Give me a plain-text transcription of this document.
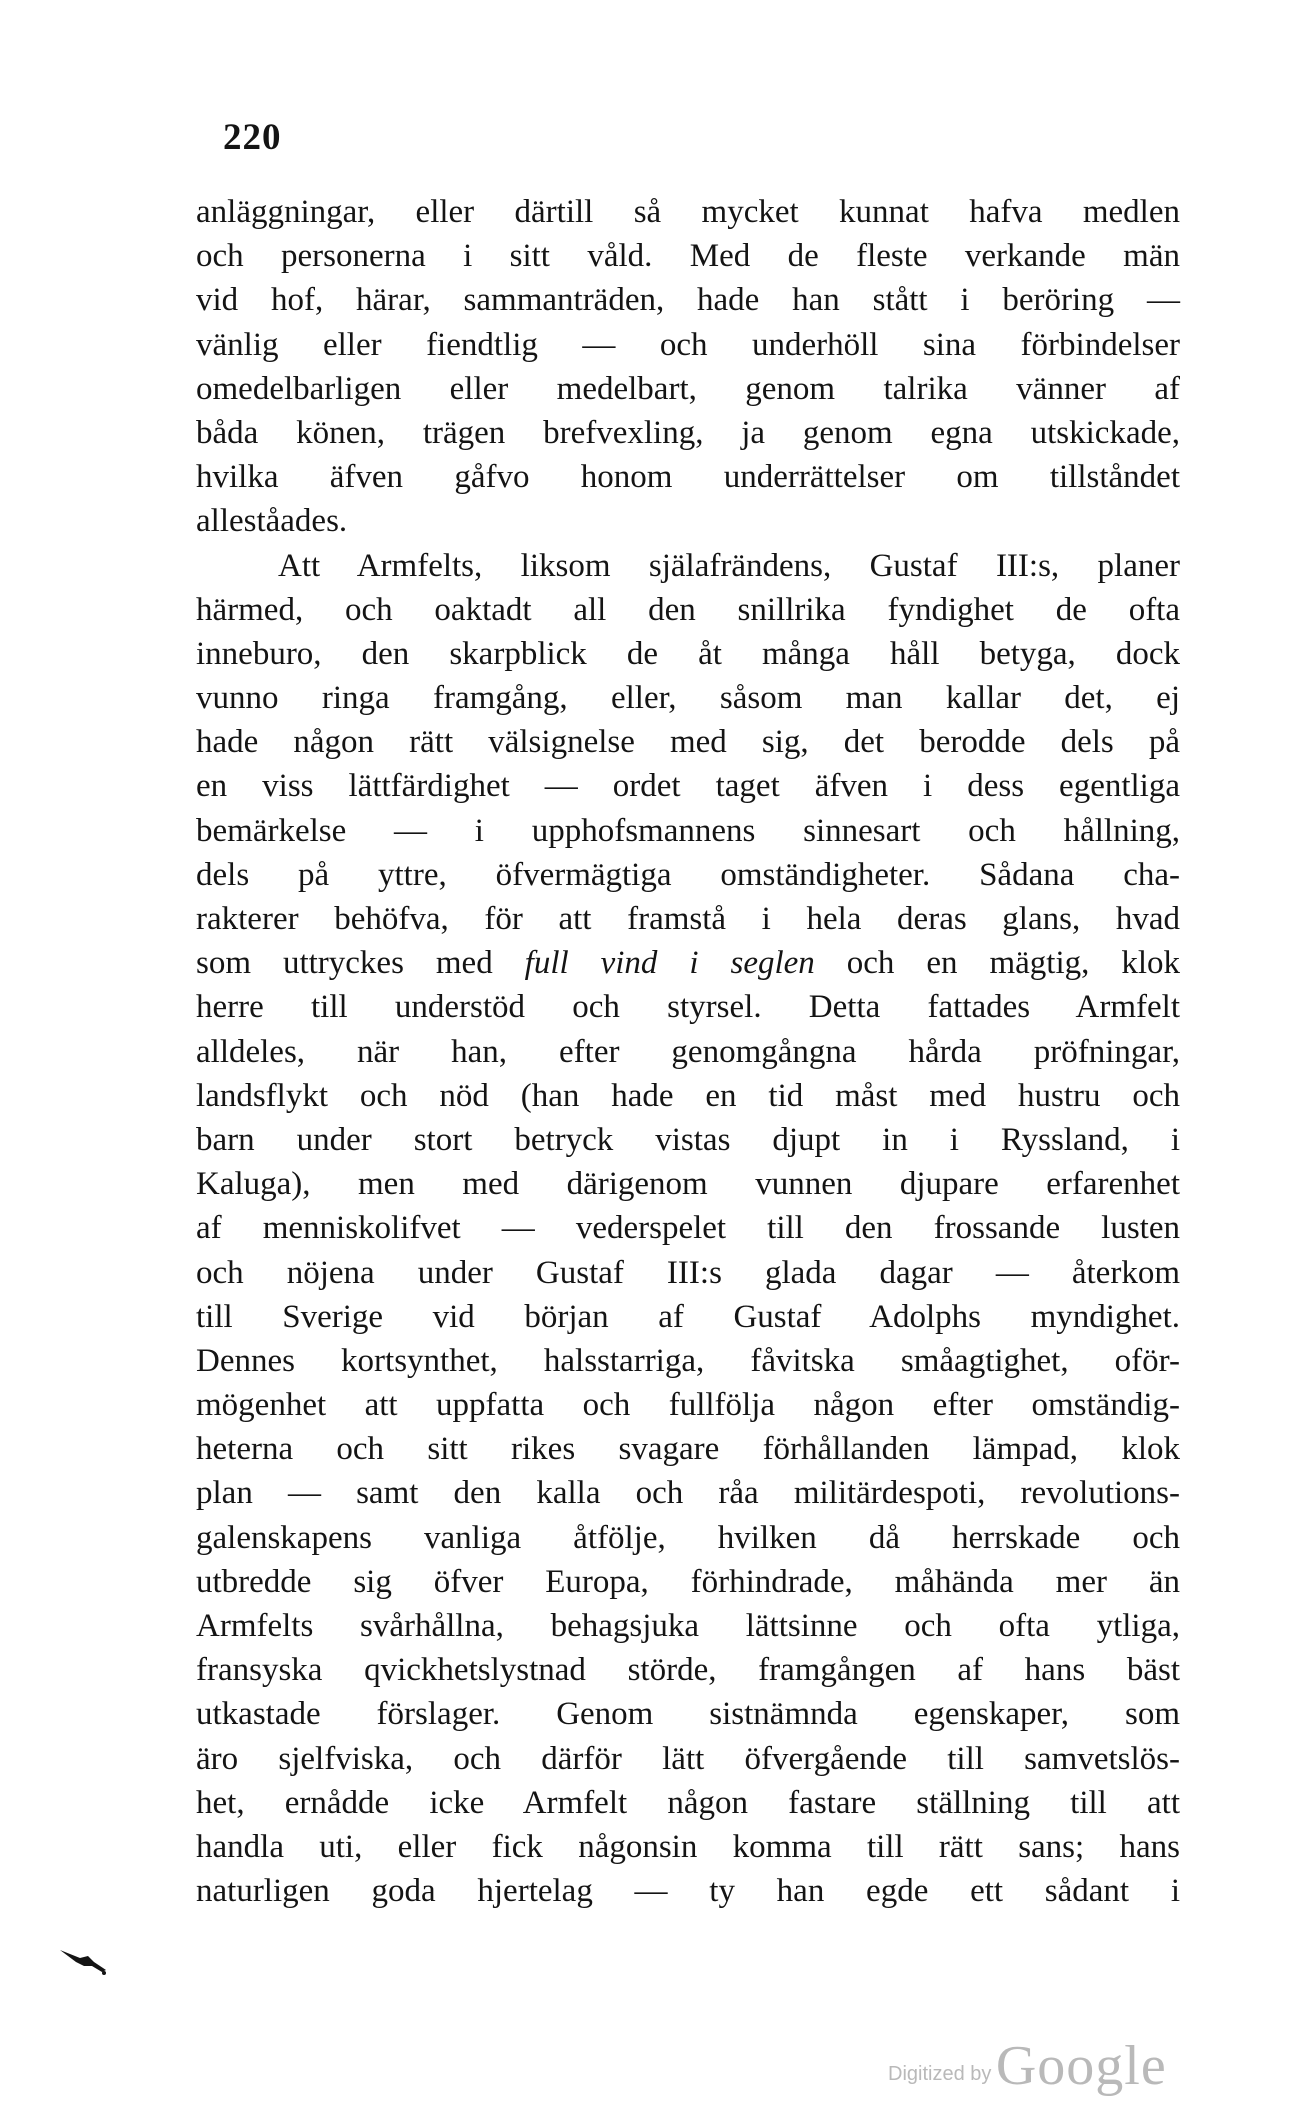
220
anläggningar, eller därtill så mycket kunnat hafva medlen
och personerna i sitt våld. Med de fleste verkande män
vid hof, härar, sammanträden, hade han stått i beröring —
vänlig eller fiendtlig — och underhöll sina förbindelser
omedelbarligen eller medelbart, genom talrika vänner af
båda könen, trägen brefvexling, ja genom egna utskickade,
hvilka äfven gåfvo honom underrättelser om tillståndet
alleståades.
Att Armfelts, liksom själafrändens, Gustaf III:s, planer
härmed, och oaktadt all den snillrika fyndighet de ofta
inneburo, den skarpblick de åt många håll betyga, dock
vunno ringa framgång, eller, såsom man kallar det, ej
hade någon rätt välsignelse med sig, det berodde dels på
en viss lättfärdighet — ordet taget äfven i dess egentliga
bemärkelse — i upphofsmannens sinnesart och hållning,
dels på yttre, öfvermägtiga omständigheter. Sådana cha-
rakterer behöfva, för att framstå i hela deras glans, hvad
som uttryckes med full vind i seglen och en mägtig, klok
herre till understöd och styrsel. Detta fattades Armfelt
alldeles, när han, efter genomgångna hårda pröfningar,
landsflykt och nöd (han hade en tid måst med hustru och
barn under stort betryck vistas djupt in i Ryssland, i
Kaluga), men med därigenom vunnen djupare erfarenhet
af menniskolifvet — vederspelet till den frossande lusten
och nöjena under Gustaf III:s glada dagar — återkom
till Sverige vid början af Gustaf Adolphs myndighet.
Dennes kortsynthet, halsstarriga, fåvitska småagtighet, oför-
mögenhet att uppfatta och fullfölja någon efter omständig-
heterna och sitt rikes svagare förhållanden lämpad, klok
plan — samt den kalla och råa militärdespoti, revolutions-
galenskapens vanliga åtfölje, hvilken då herrskade och
utbredde sig öfver Europa, förhindrade, måhända mer än
Armfelts svårhållna, behagsjuka lättsinne och ofta ytliga,
fransyska qvickhetslystnad störde, framgången af hans bäst
utkastade förslager. Genom sistnämnda egenskaper, som
äro sjelfviska, och därför lätt öfvergående till samvetslös-
het, ernådde icke Armfelt någon fastare ställning till att
handla uti, eller fick någonsin komma till rätt sans; hans
naturligen goda hjertelag — ty han egde ett sådant i
Digitized by Google
